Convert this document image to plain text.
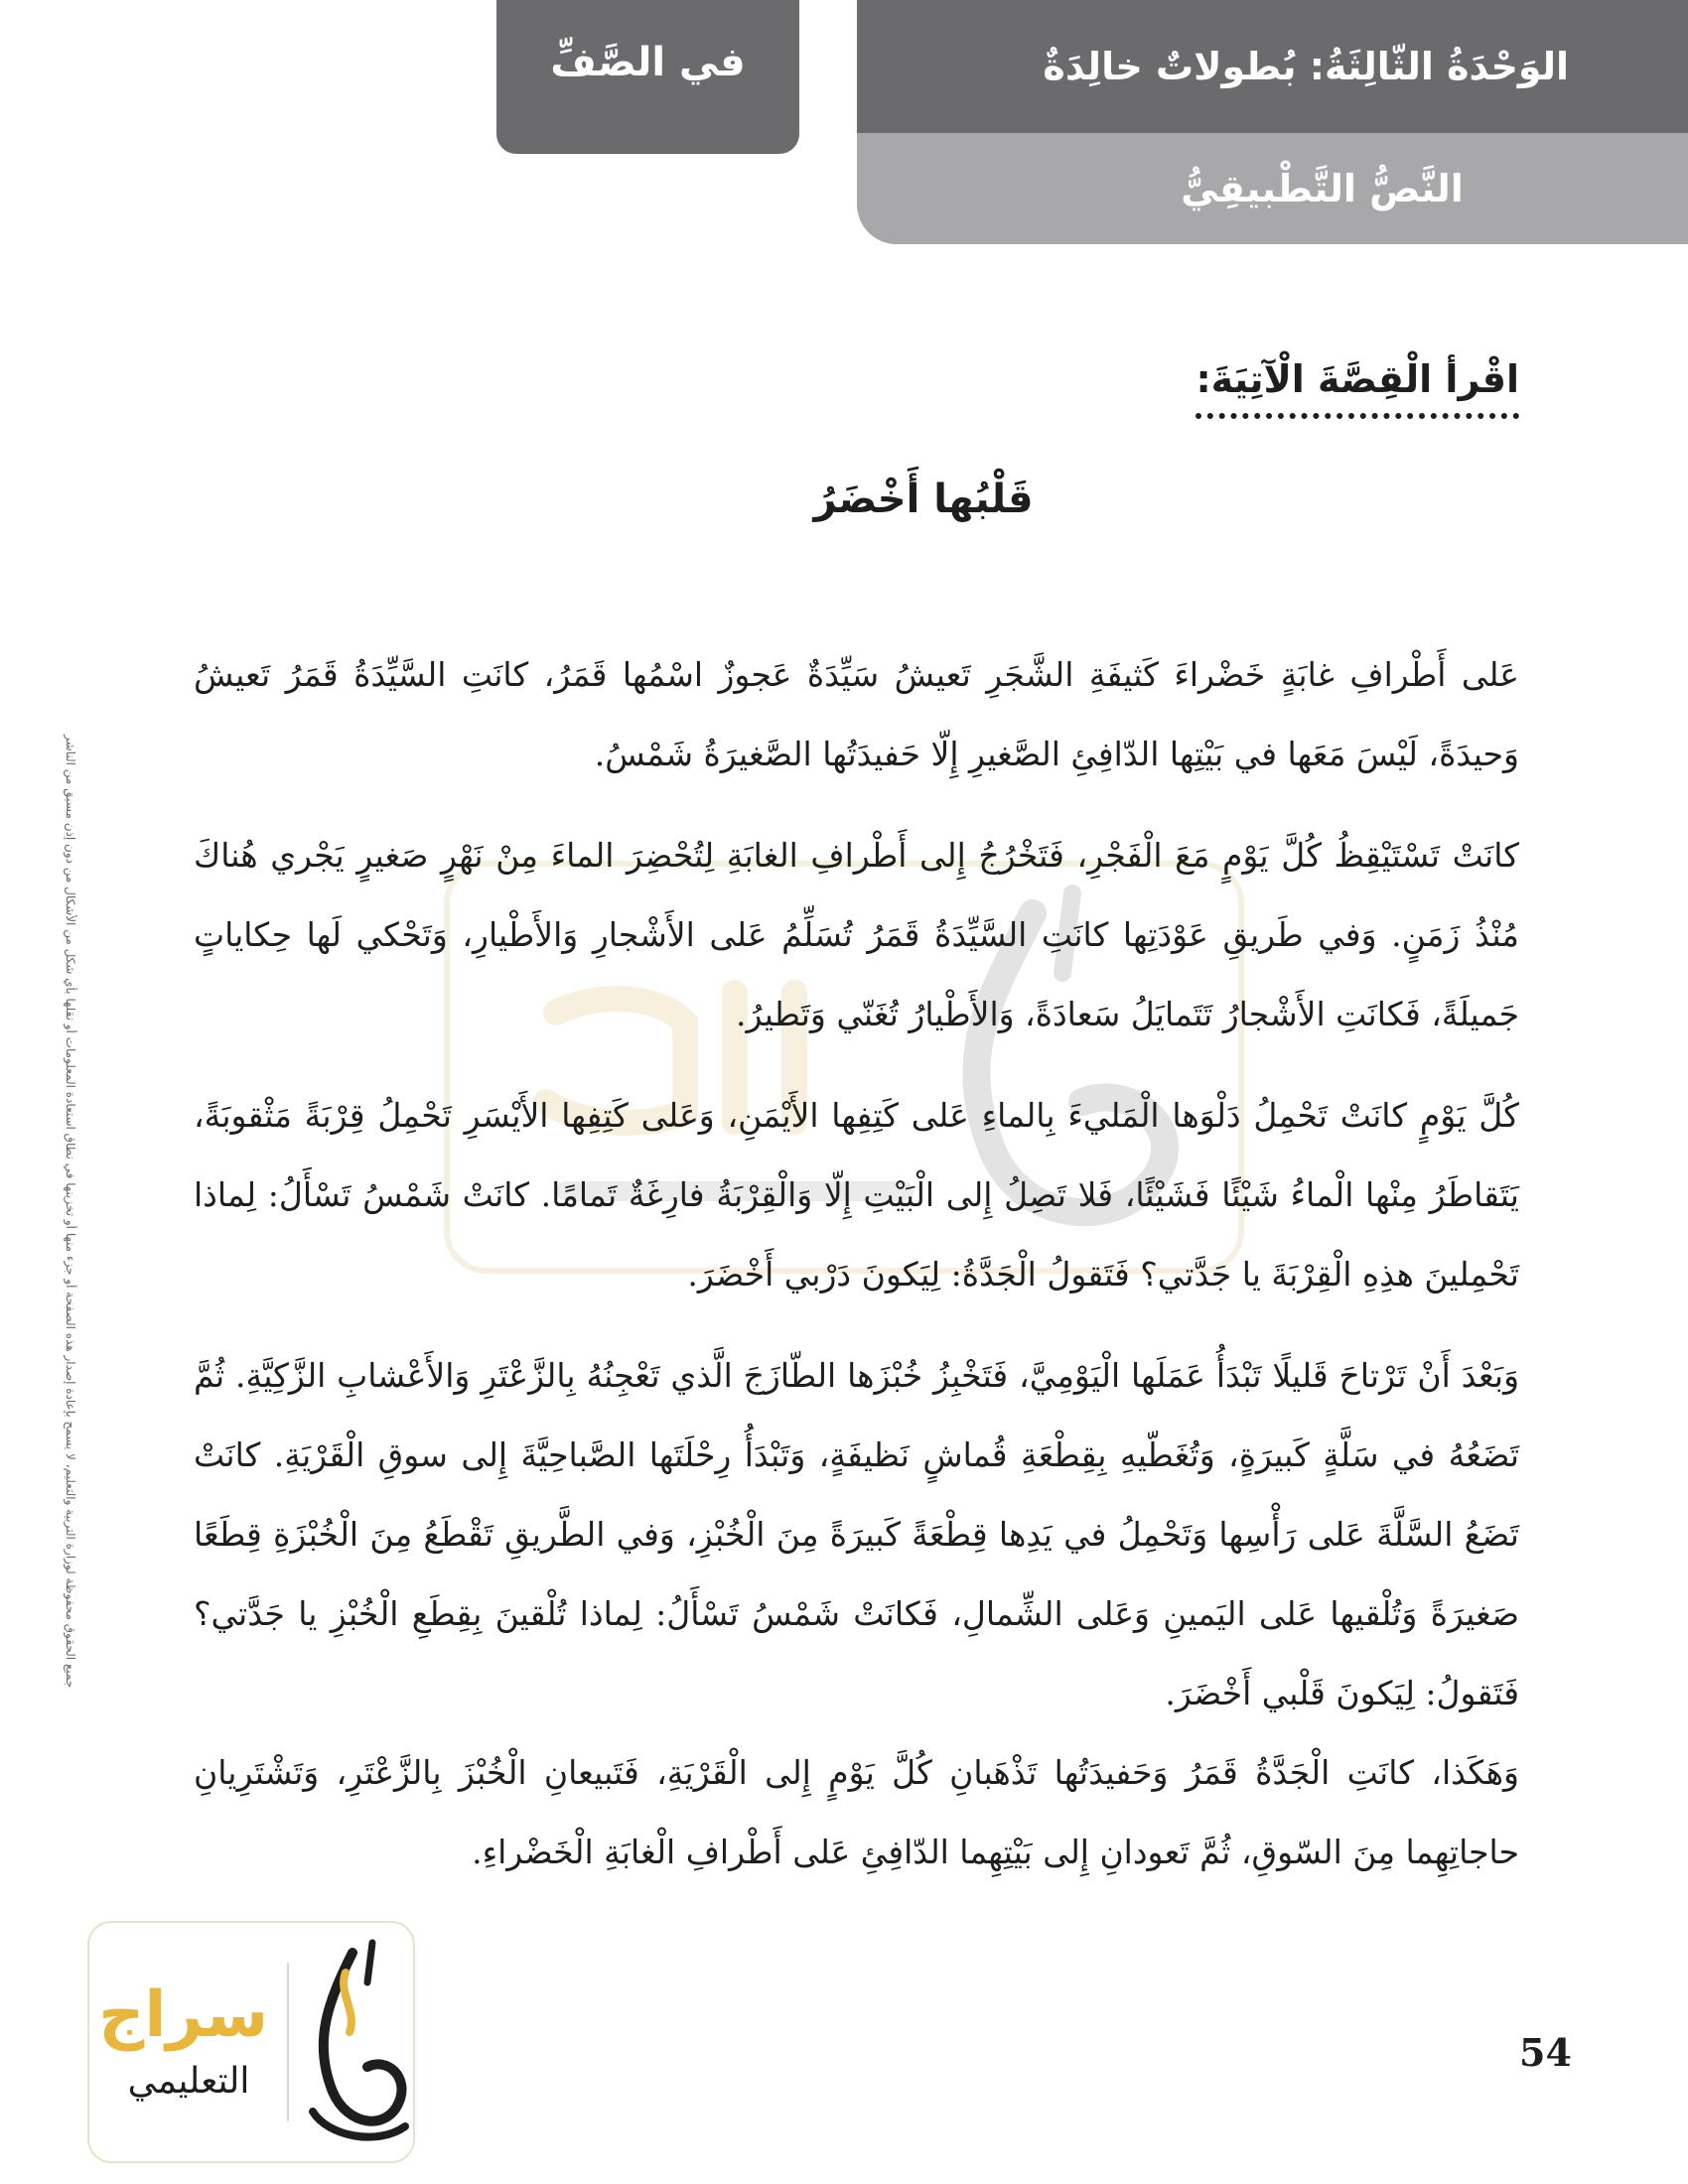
في الصَّفِّ	الوَحْدَةُ الثّالِثَةُ: بُطولاتٌ خالِدَةٌ
النَّصُّ التَّطْبيقِيُّ
جميع الحقوق محفوظة لوزارة التربية والتعليم، لا يسمح بإعادة إصدار هذه الصفحة أو جزء منها أو تخزينها في نطاق استعادة المعلومات أو نقلها بأي شكل من الأشكال من دون إذن مسبق من الناشر
اقْرأ الْقِصَّةَ الْآتِيَةَ:
قَلْبُها أَخْضَرُ

عَلى أَطْرافِ غابَةٍ خَضْراءَ كَثيفَةِ الشَّجَرِ تَعيشُ سَيِّدَةٌ عَجوزٌ اسْمُها قَمَرُ، كانَتِ السَّيِّدَةُ قَمَرُ تَعيشُ وَحيدَةً، لَيْسَ مَعَها في بَيْتِها الدّافِئِ الصَّغيرِ إِلّا حَفيدَتُها الصَّغيرَةُ شَمْسُ.

كانَتْ تَسْتَيْقِظُ كُلَّ يَوْمٍ مَعَ الْفَجْرِ، فَتَخْرُجُ إِلى أَطْرافِ الغابَةِ لِتُحْضِرَ الماءَ مِنْ نَهْرٍ صَغيرٍ يَجْري هُناكَ مُنْذُ زَمَنٍ. وَفي طَريقِ عَوْدَتِها كانَتِ السَّيِّدَةُ قَمَرُ تُسَلِّمُ عَلى الأَشْجارِ وَالأَطْيارِ، وَتَحْكي لَها حِكاياتٍ جَميلَةً، فَكانَتِ الأَشْجارُ تَتَمايَلُ سَعادَةً، وَالأَطْيارُ تُغَنّي وَتَطيرُ.

كُلَّ يَوْمٍ كانَتْ تَحْمِلُ دَلْوَها الْمَليءَ بِالماءِ عَلى كَتِفِها الأَيْمَنِ، وَعَلى كَتِفِها الأَيْسَرِ تَحْمِلُ قِرْبَةً مَثْقوبَةً، يَتَقاطَرُ مِنْها الْماءُ شَيْئًا فَشَيْئًا، فَلا تَصِلُ إِلى الْبَيْتِ إِلّا وَالْقِرْبَةُ فارِغَةٌ تَمامًا. كانَتْ شَمْسُ تَسْأَلُ: لِماذا تَحْمِلينَ هذِهِ الْقِرْبَةَ يا جَدَّتي؟ فَتَقولُ الْجَدَّةُ: لِيَكونَ دَرْبي أَخْضَرَ.

وَبَعْدَ أَنْ تَرْتاحَ قَليلًا تَبْدَأُ عَمَلَها الْيَوْمِيَّ، فَتَخْبِزُ خُبْزَها الطّازَجَ الَّذي تَعْجِنُهُ بِالزَّعْتَرِ وَالأَعْشابِ الزَّكِيَّةِ. ثُمَّ تَضَعُهُ في سَلَّةٍ كَبيرَةٍ، وَتُغَطّيهِ بِقِطْعَةِ قُماشٍ نَظيفَةٍ، وَتَبْدَأُ رِحْلَتَها الصَّباحِيَّةَ إِلى سوقِ الْقَرْيَةِ. كانَتْ تَضَعُ السَّلَّةَ عَلى رَأْسِها وَتَحْمِلُ في يَدِها قِطْعَةً كَبيرَةً مِنَ الْخُبْزِ، وَفي الطَّريقِ تَقْطَعُ مِنَ الْخُبْزَةِ قِطَعًا صَغيرَةً وَتُلْقيها عَلى اليَمينِ وَعَلى الشِّمالِ، فَكانَتْ شَمْسُ تَسْأَلُ: لِماذا تُلْقينَ بِقِطَعِ الْخُبْزِ يا جَدَّتي؟ فَتَقولُ: لِيَكونَ قَلْبي أَخْضَرَ.

وَهَكَذا، كانَتِ الْجَدَّةُ قَمَرُ وَحَفيدَتُها تَذْهَبانِ كُلَّ يَوْمٍ إِلى الْقَرْيَةِ، فَتَبيعانِ الْخُبْزَ بِالزَّعْتَرِ، وَتَشْتَرِيانِ حاجاتِهِما مِنَ السّوقِ، ثُمَّ تَعودانِ إِلى بَيْتِهِما الدّافِئِ عَلى أَطْرافِ الْغابَةِ الْخَضْراءِ.

سراج
التعليمي
54
